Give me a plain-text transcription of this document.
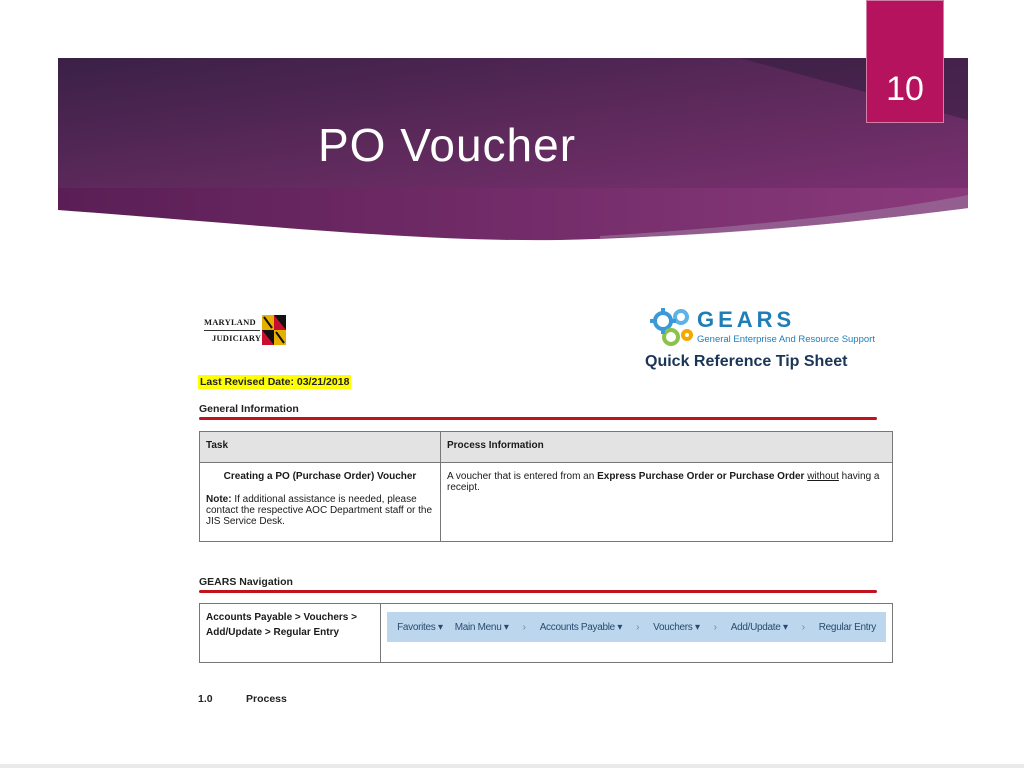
PO Voucher
10
MARYLAND
JUDICIARY
GEARS
General Enterprise And Resource Support
Quick Reference Tip Sheet
Last Revised Date: 03/21/2018
General Information
Task	Process Information

Creating a PO (Purchase Order) Voucher
Note: If additional assistance is needed, please contact the respective AOC Department staff or the JIS Service Desk.	A voucher that is entered from an Express Purchase Order or Purchase Order without having a receipt.
GEARS Navigation
Accounts Payable > Vouchers > Add/Update > Regular Entry	Favorites ▾	Main Menu ▾	›	Accounts Payable ▾	›	Vouchers ▾	›	Add/Update ▾	›	Regular Entry
1.0	Process
